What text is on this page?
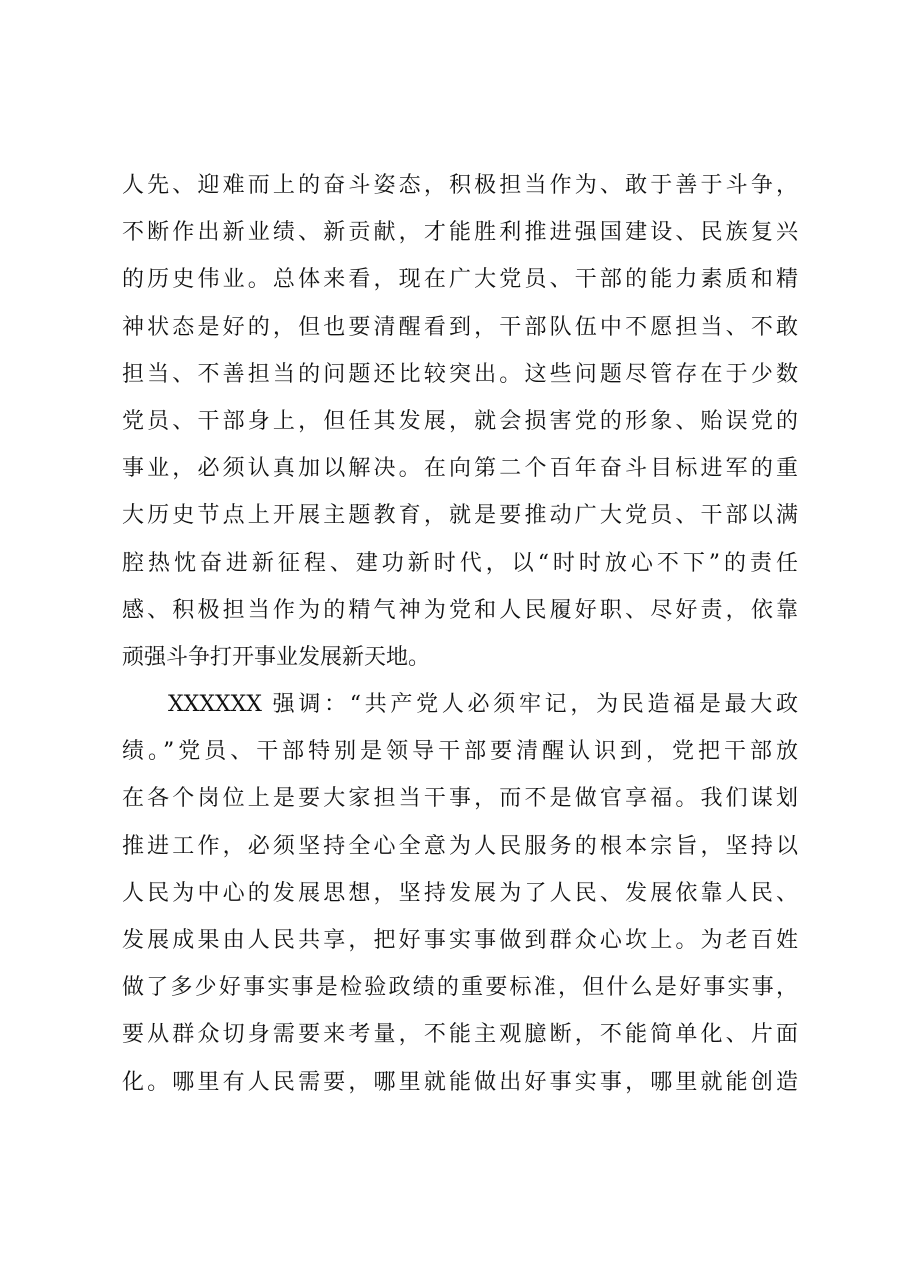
人先、迎难而上的奋斗姿态，积极担当作为、敢于善于斗争，
不断作出新业绩、新贡献，才能胜利推进强国建设、民族复兴
的历史伟业。总体来看，现在广大党员、干部的能力素质和精
神状态是好的，但也要清醒看到，干部队伍中不愿担当、不敢
担当、不善担当的问题还比较突出。这些问题尽管存在于少数
党员、干部身上，但任其发展，就会损害党的形象、贻误党的
事业，必须认真加以解决。在向第二个百年奋斗目标进军的重
大历史节点上开展主题教育，就是要推动广大党员、干部以满
腔热忱奋进新征程、建功新时代，以“时时放心不下”的责任
感、积极担当作为的精气神为党和人民履好职、尽好责，依靠
顽强斗争打开事业发展新天地。
XXXXXX 强调：“共产党人必须牢记，为民造福是最大政
绩。”党员、干部特别是领导干部要清醒认识到，党把干部放
在各个岗位上是要大家担当干事，而不是做官享福。我们谋划
推进工作，必须坚持全心全意为人民服务的根本宗旨，坚持以
人民为中心的发展思想，坚持发展为了人民、发展依靠人民、
发展成果由人民共享，把好事实事做到群众心坎上。为老百姓
做了多少好事实事是检验政绩的重要标准，但什么是好事实事，
要从群众切身需要来考量，不能主观臆断，不能简单化、片面
化。哪里有人民需要，哪里就能做出好事实事，哪里就能创造
